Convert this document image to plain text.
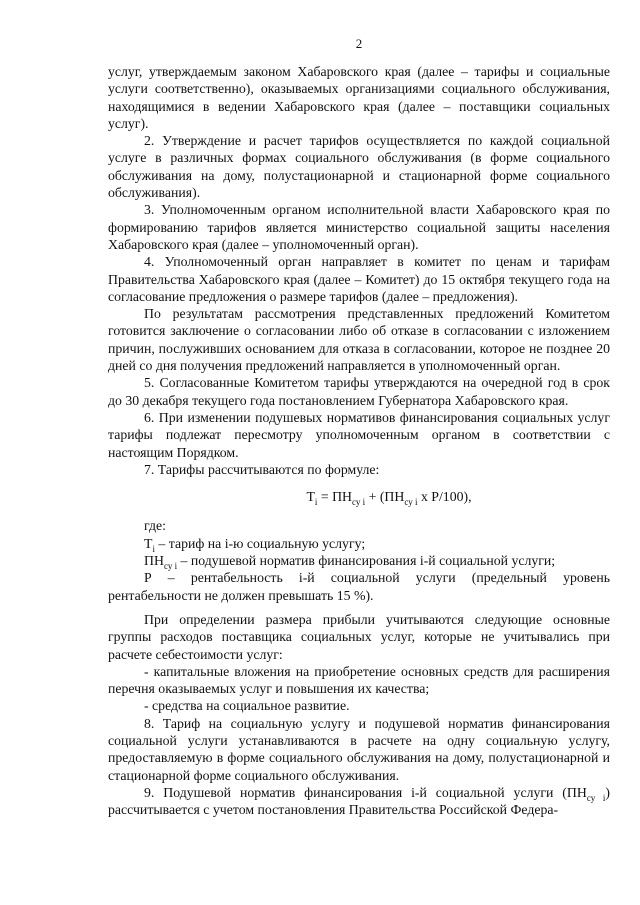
2

услуг, утверждаемым законом Хабаровского края (далее – тарифы и социальные услуги соответственно), оказываемых организациями социального обслуживания, находящимися в ведении Хабаровского края (далее – поставщики социальных услуг).

2. Утверждение и расчет тарифов осуществляется по каждой социальной услуге в различных формах социального обслуживания (в форме социального обслуживания на дому, полустационарной и стационарной форме социального обслуживания).

3. Уполномоченным органом исполнительной власти Хабаровского края по формированию тарифов является министерство социальной защиты населения Хабаровского края (далее – уполномоченный орган).

4. Уполномоченный орган направляет в комитет по ценам и тарифам Правительства Хабаровского края (далее – Комитет) до 15 октября текущего года на согласование предложения о размере тарифов (далее – предложения).

По результатам рассмотрения представленных предложений Комитетом готовится заключение о согласовании либо об отказе в согласовании с изложением причин, послуживших основанием для отказа в согласовании, которое не позднее 20 дней со дня получения предложений направляется в уполномоченный орган.

5. Согласованные Комитетом тарифы утверждаются на очередной год в срок до 30 декабря текущего года постановлением Губернатора Хабаровского края.

6. При изменении подушевых нормативов финансирования социальных услуг тарифы подлежат пересмотру уполномоченным органом в соответствии с настоящим Порядком.

7. Тарифы рассчитываются по формуле:

$T_i = ПН_{су i} + (ПН_{су i}$ x Р/100),

где:

$T_i$ – тариф на i-ю социальную услугу;

$ПН_{су i}$ – подушевой норматив финансирования i-й социальной услуги;

Р – рентабельность i-й социальной услуги (предельный уровень рентабельности не должен превышать 15 %).

При определении размера прибыли учитываются следующие основные группы расходов поставщика социальных услуг, которые не учитывались при расчете себестоимости услуг:

- капитальные вложения на приобретение основных средств для расширения перечня оказываемых услуг и повышения их качества;

- средства на социальное развитие.

8. Тариф на социальную услугу и подушевой норматив финансирования социальной услуги устанавливаются в расчете на одну социальную услугу, предоставляемую в форме социального обслуживания на дому, полустационарной и стационарной форме социального обслуживания.

9. Подушевой норматив финансирования i-й социальной услуги $(ПН_{су i})$ рассчитывается с учетом постановления Правительства Российской Федера-
